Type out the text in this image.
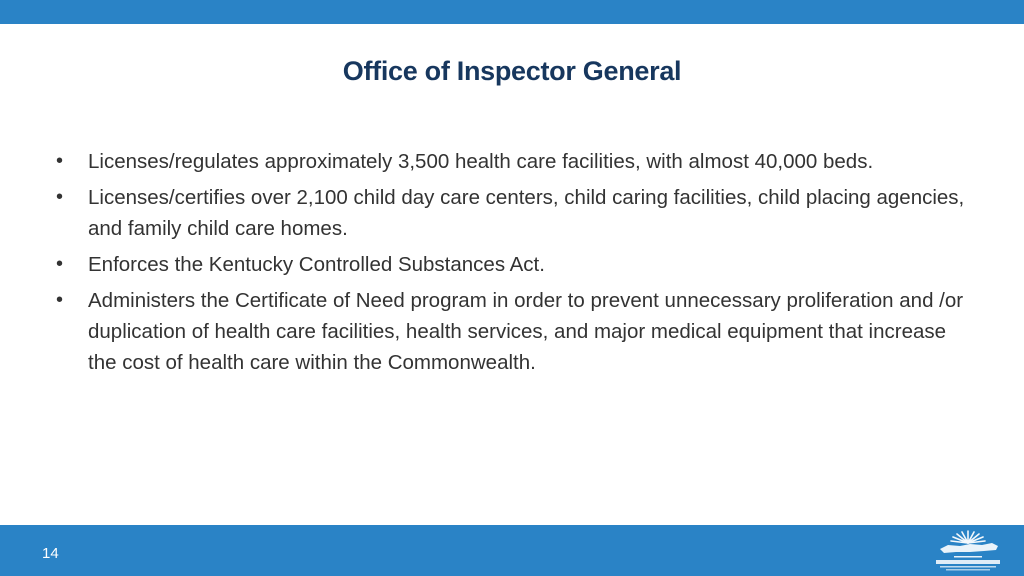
Office of Inspector General
•	Licenses/regulates approximately 3,500 health care facilities, with almost 40,000 beds.
•	Licenses/certifies over 2,100 child day care centers, child caring facilities, child placing agencies, and family child care homes.
•	Enforces the Kentucky Controlled Substances Act.
•	Administers the Certificate of Need program in order to prevent unnecessary proliferation and /or duplication of health care facilities, health services, and major medical equipment that increase the cost of health care within the Commonwealth.
14
